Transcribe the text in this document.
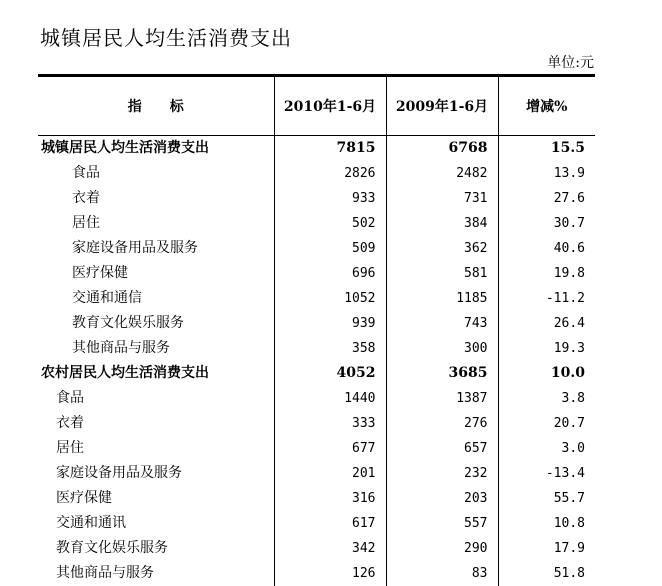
城镇居民人均生活消费支出
单位:元
指　　标	2010年1-6月	2009年1-6月	增减%
城镇居民人均生活消费支出	7815	6768	15.5
食品	2826	2482	13.9
衣着	933	731	27.6
居住	502	384	30.7
家庭设备用品及服务	509	362	40.6
医疗保健	696	581	19.8
交通和通信	1052	1185	-11.2
教育文化娱乐服务	939	743	26.4
其他商品与服务	358	300	19.3
农村居民人均生活消费支出	4052	3685	10.0
食品	1440	1387	3.8
衣着	333	276	20.7
居住	677	657	3.0
家庭设备用品及服务	201	232	-13.4
医疗保健	316	203	55.7
交通和通讯	617	557	10.8
教育文化娱乐服务	342	290	17.9
其他商品与服务	126	83	51.8
